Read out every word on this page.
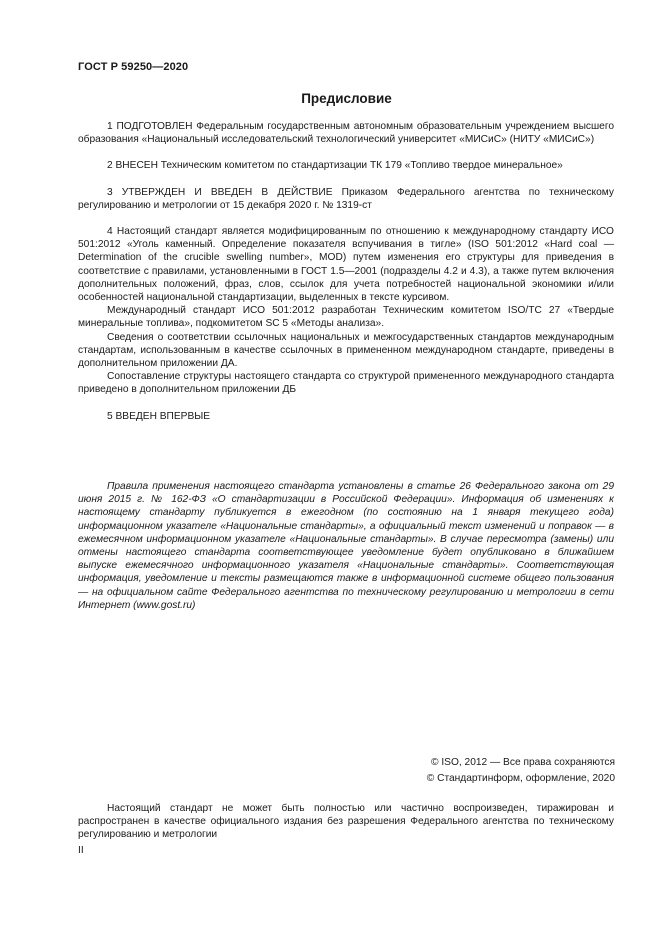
ГОСТ Р 59250—2020
Предисловие

1 ПОДГОТОВЛЕН Федеральным государственным автономным образовательным учреждением высшего образования «Национальный исследовательский технологический университет «МИСиС» (НИТУ «МИСиС»)

2 ВНЕСЕН Техническим комитетом по стандартизации ТК 179 «Топливо твердое минеральное»

3 УТВЕРЖДЕН И ВВЕДЕН В ДЕЙСТВИЕ Приказом Федерального агентства по техническому регулированию и метрологии от 15 декабря 2020 г. № 1319-ст

4 Настоящий стандарт является модифицированным по отношению к международному стандарту ИСО 501:2012 «Уголь каменный. Определение показателя вспучивания в тигле» (ISO 501:2012 «Hard coal — Determination of the crucible swelling number», MOD) путем изменения его структуры для приведения в соответствие с правилами, установленными в ГОСТ 1.5—2001 (подразделы 4.2 и 4.3), а также путем включения дополнительных положений, фраз, слов, ссылок для учета потребностей национальной экономики и/или особенностей национальной стандартизации, выделенных в тексте курсивом.

Международный стандарт ИСО 501:2012 разработан Техническим комитетом ISO/TC 27 «Твердые минеральные топлива», подкомитетом SC 5 «Методы анализа».

Сведения о соответствии ссылочных национальных и межгосударственных стандартов международным стандартам, использованным в качестве ссылочных в примененном международном стандарте, приведены в дополнительном приложении ДА.

Сопоставление структуры настоящего стандарта со структурой примененного международного стандарта приведено в дополнительном приложении ДБ

5 ВВЕДЕН ВПЕРВЫЕ

Правила применения настоящего стандарта установлены в статье 26 Федерального закона от 29 июня 2015 г. № 162-ФЗ «О стандартизации в Российской Федерации». Информация об изменениях к настоящему стандарту публикуется в ежегодном (по состоянию на 1 января текущего года) информационном указателе «Национальные стандарты», а официальный текст изменений и поправок — в ежемесячном информационном указателе «Национальные стандарты». В случае пересмотра (замены) или отмены настоящего стандарта соответствующее уведомление будет опубликовано в ближайшем выпуске ежемесячного информационного указателя «Национальные стандарты». Соответствующая информация, уведомление и тексты размещаются также в информационной системе общего пользования — на официальном сайте Федерального агентства по техническому регулированию и метрологии в сети Интернет (www.gost.ru)

© ISO, 2012 — Все права сохраняются
© Стандартинформ, оформление, 2020

Настоящий стандарт не может быть полностью или частично воспроизведен, тиражирован и распространен в качестве официального издания без разрешения Федерального агентства по техническому регулированию и метрологии

II
